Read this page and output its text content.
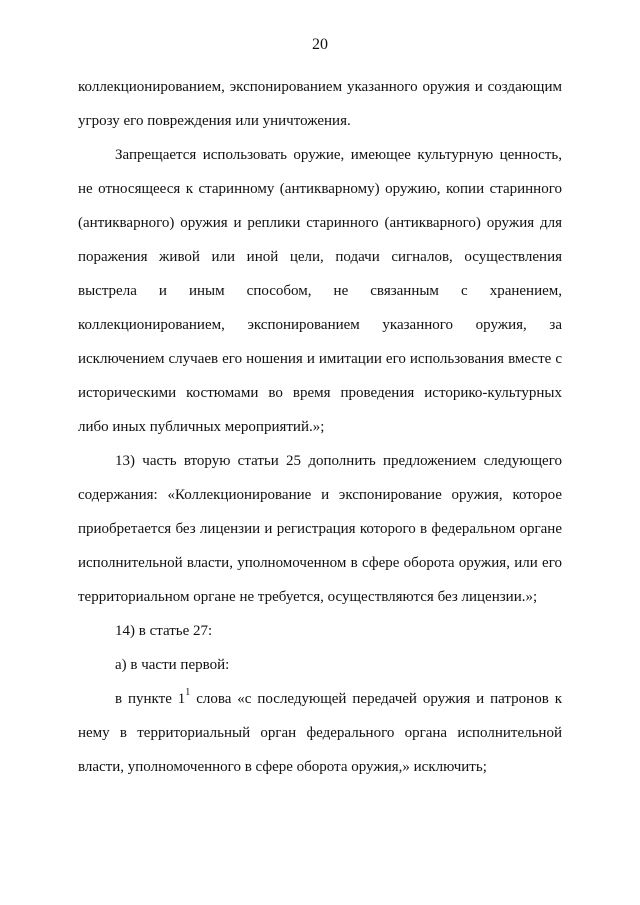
20

коллекционированием, экспонированием указанного оружия и создающим угрозу его повреждения или уничтожения.

Запрещается использовать оружие, имеющее культурную ценность, не относящееся к старинному (антикварному) оружию, копии старинного (антикварного) оружия и реплики старинного (антикварного) оружия для поражения живой или иной цели, подачи сигналов, осуществления выстрела и иным способом, не связанным с хранением, коллекционированием, экспонированием указанного оружия, за исключением случаев его ношения и имитации его использования вместе с историческими костюмами во время проведения историко-культурных либо иных публичных мероприятий.»;

13) часть вторую статьи 25 дополнить предложением следующего содержания: «Коллекционирование и экспонирование оружия, которое приобретается без лицензии и регистрация которого в федеральном органе исполнительной власти, уполномоченном в сфере оборота оружия, или его территориальном органе не требуется, осуществляются без лицензии.»;

14) в статье 27:

а) в части первой:

в пункте $1^1$ слова «с последующей передачей оружия и патронов к нему в территориальный орган федерального органа исполнительной власти, уполномоченного в сфере оборота оружия,» исключить;
